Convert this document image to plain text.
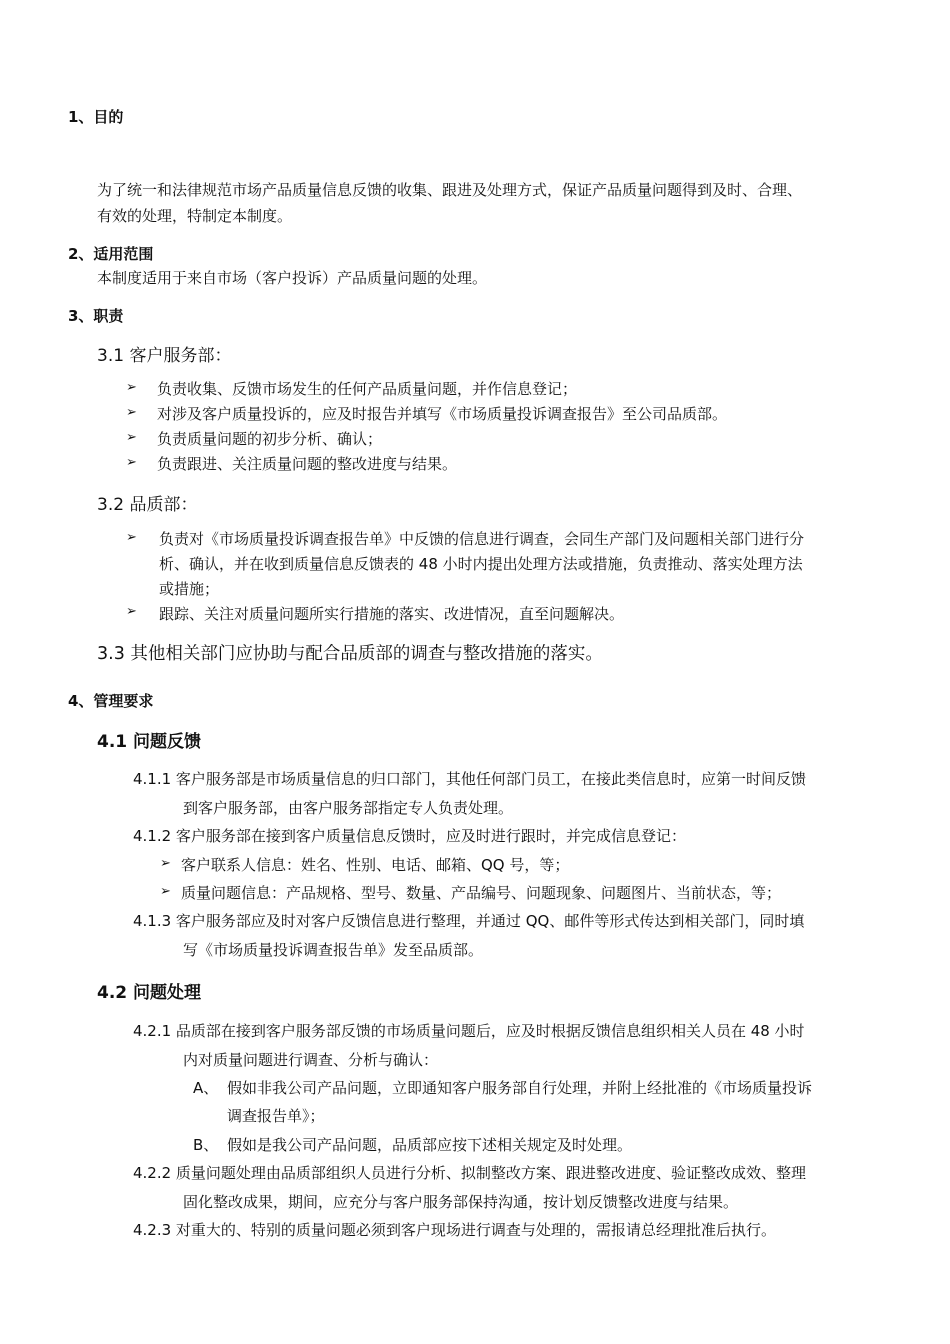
1、目的
为了统一和法律规范市场产品质量信息反馈的收集、跟进及处理方式，保证产品质量问题得到及时、合理、
有效的处理，特制定本制度。
2、适用范围
本制度适用于来自市场（客户投诉）产品质量问题的处理。
3、职责
3.1 客户服务部：
➢ 负责收集、反馈市场发生的任何产品质量问题，并作信息登记；
➢ 对涉及客户质量投诉的，应及时报告并填写《市场质量投诉调查报告》至公司品质部。
➢ 负责质量问题的初步分析、确认；
➢ 负责跟进、关注质量问题的整改进度与结果。
3.2 品质部：
➢ 负责对《市场质量投诉调查报告单》中反馈的信息进行调查，会同生产部门及问题相关部门进行分
析、确认，并在收到质量信息反馈表的 48 小时内提出处理方法或措施，负责推动、落实处理方法
或措施；
➢ 跟踪、关注对质量问题所实行措施的落实、改进情况，直至问题解决。
3.3 其他相关部门应协助与配合品质部的调查与整改措施的落实。
4、管理要求
4.1 问题反馈
4.1.1 客户服务部是市场质量信息的归口部门，其他任何部门员工，在接此类信息时，应第一时间反馈
到客户服务部，由客户服务部指定专人负责处理。
4.1.2 客户服务部在接到客户质量信息反馈时，应及时进行跟时，并完成信息登记：
➢ 客户联系人信息：姓名、性别、电话、邮箱、QQ 号，等；
➢ 质量问题信息：产品规格、型号、数量、产品编号、问题现象、问题图片、当前状态，等；
4.1.3 客户服务部应及时对客户反馈信息进行整理，并通过 QQ、邮件等形式传达到相关部门，同时填
写《市场质量投诉调查报告单》发至品质部。
4.2 问题处理
4.2.1 品质部在接到客户服务部反馈的市场质量问题后，应及时根据反馈信息组织相关人员在 48 小时
内对质量问题进行调查、分析与确认：
A、 假如非我公司产品问题，立即通知客户服务部自行处理，并附上经批准的《市场质量投诉
调查报告单》；
B、 假如是我公司产品问题，品质部应按下述相关规定及时处理。
4.2.2 质量问题处理由品质部组织人员进行分析、拟制整改方案、跟进整改进度、验证整改成效、整理
固化整改成果，期间，应充分与客户服务部保持沟通，按计划反馈整改进度与结果。
4.2.3 对重大的、特别的质量问题必须到客户现场进行调查与处理的，需报请总经理批准后执行。
